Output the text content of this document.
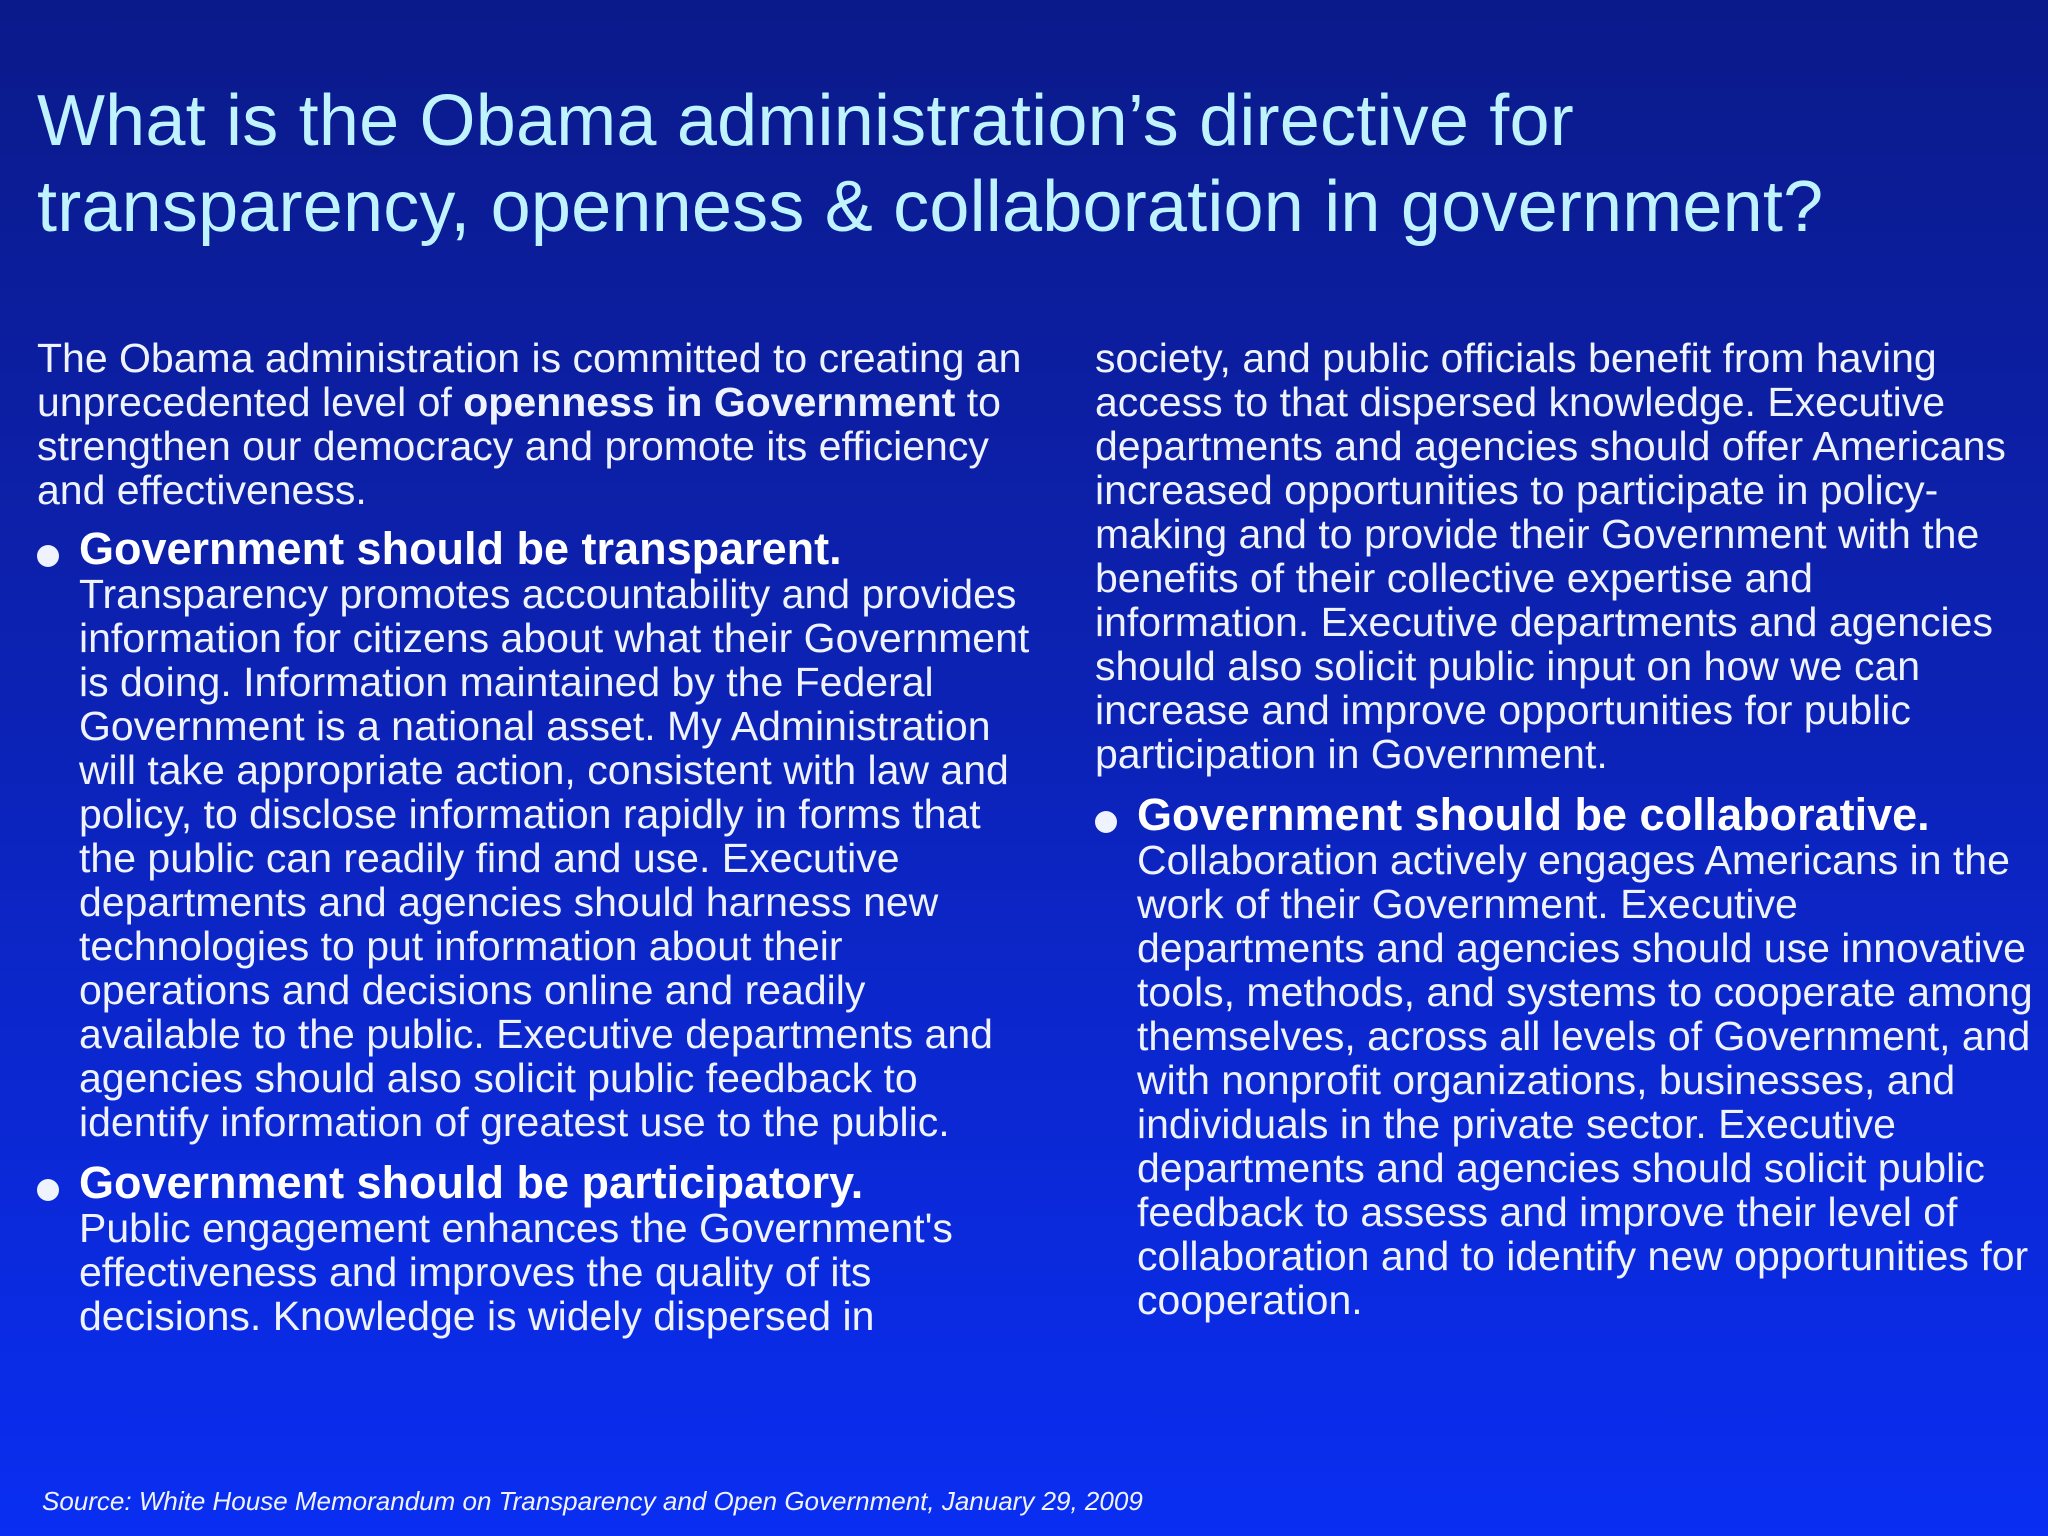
What is the Obama administration’s directive for transparency, openness & collaboration in government?

The Obama administration is committed to creating an unprecedented level of openness in Government to strengthen our democracy and promote its efficiency and effectiveness.

Government should be transparent.

Transparency promotes accountability and provides information for citizens about what their Government is doing. Information maintained by the Federal Government is a national asset. My Administration will take appropriate action, consistent with law and policy, to disclose information rapidly in forms that the public can readily find and use. Executive departments and agencies should harness new technologies to put information about their operations and decisions online and readily available to the public. Executive departments and agencies should also solicit public feedback to identify information of greatest use to the public.

Government should be participatory.

Public engagement enhances the Government's effectiveness and improves the quality of its decisions. Knowledge is widely dispersed in

society, and public officials benefit from having access to that dispersed knowledge. Executive departments and agencies should offer Americans increased opportunities to participate in policy-making and to provide their Government with the benefits of their collective expertise and information. Executive departments and agencies should also solicit public input on how we can increase and improve opportunities for public participation in Government.

Government should be collaborative.

Collaboration actively engages Americans in the work of their Government. Executive departments and agencies should use innovative tools, methods, and systems to cooperate among themselves, across all levels of Government, and with nonprofit organizations, businesses, and individuals in the private sector. Executive departments and agencies should solicit public feedback to assess and improve their level of collaboration and to identify new opportunities for cooperation.

Source: White House Memorandum on Transparency and Open Government, January 29, 2009
